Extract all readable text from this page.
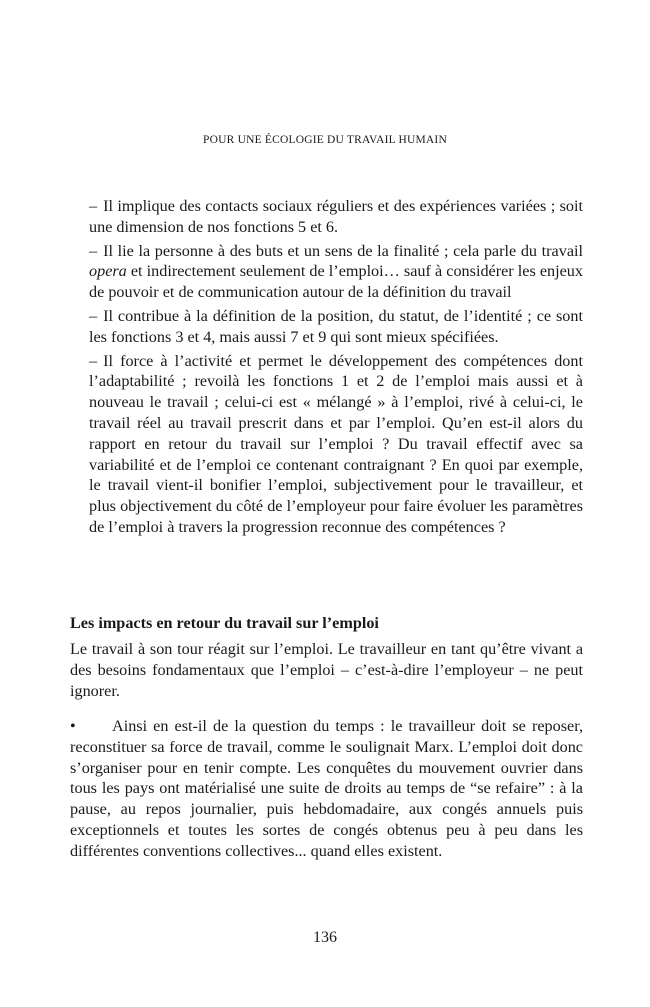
POUR UNE ÉCOLOGIE DU TRAVAIL HUMAIN

– Il implique des contacts sociaux réguliers et des expériences variées ; soit une dimension de nos fonctions 5 et 6.

– Il lie la personne à des buts et un sens de la finalité ; cela parle du travail opera et indirectement seulement de l’emploi… sauf à considérer les enjeux de pouvoir et de communication autour de la définition du travail

– Il contribue à la définition de la position, du statut, de l’identité ; ce sont les fonctions 3 et 4, mais aussi 7 et 9 qui sont mieux spécifiées.

– Il force à l’activité et permet le développement des compétences dont l’adaptabilité ; revoilà les fonctions 1 et 2 de l’emploi mais aussi et à nouveau le travail ; celui-ci est « mélangé » à l’emploi, rivé à celui-ci, le travail réel au travail prescrit dans et par l’emploi. Qu’en est-il alors du rapport en retour du travail sur l’emploi ? Du travail effectif avec sa variabilité et de l’emploi ce contenant contraignant ? En quoi par exemple, le travail vient-il bonifier l’emploi, subjectivement pour le travailleur, et plus objectivement du côté de l’employeur pour faire évoluer les paramètres de l’emploi à travers la progression reconnue des compétences ?

Les impacts en retour du travail sur l’emploi

Le travail à son tour réagit sur l’emploi. Le travailleur en tant qu’être vivant a des besoins fondamentaux que l’emploi – c’est-à-dire l’employeur – ne peut ignorer.

• Ainsi en est-il de la question du temps : le travailleur doit se reposer, reconstituer sa force de travail, comme le soulignait Marx. L’emploi doit donc s’organiser pour en tenir compte. Les conquêtes du mouvement ouvrier dans tous les pays ont matérialisé une suite de droits au temps de “se refaire” : à la pause, au repos journalier, puis hebdomadaire, aux congés annuels puis exceptionnels et toutes les sortes de congés obtenus peu à peu dans les différentes conventions collectives... quand elles existent.

136
